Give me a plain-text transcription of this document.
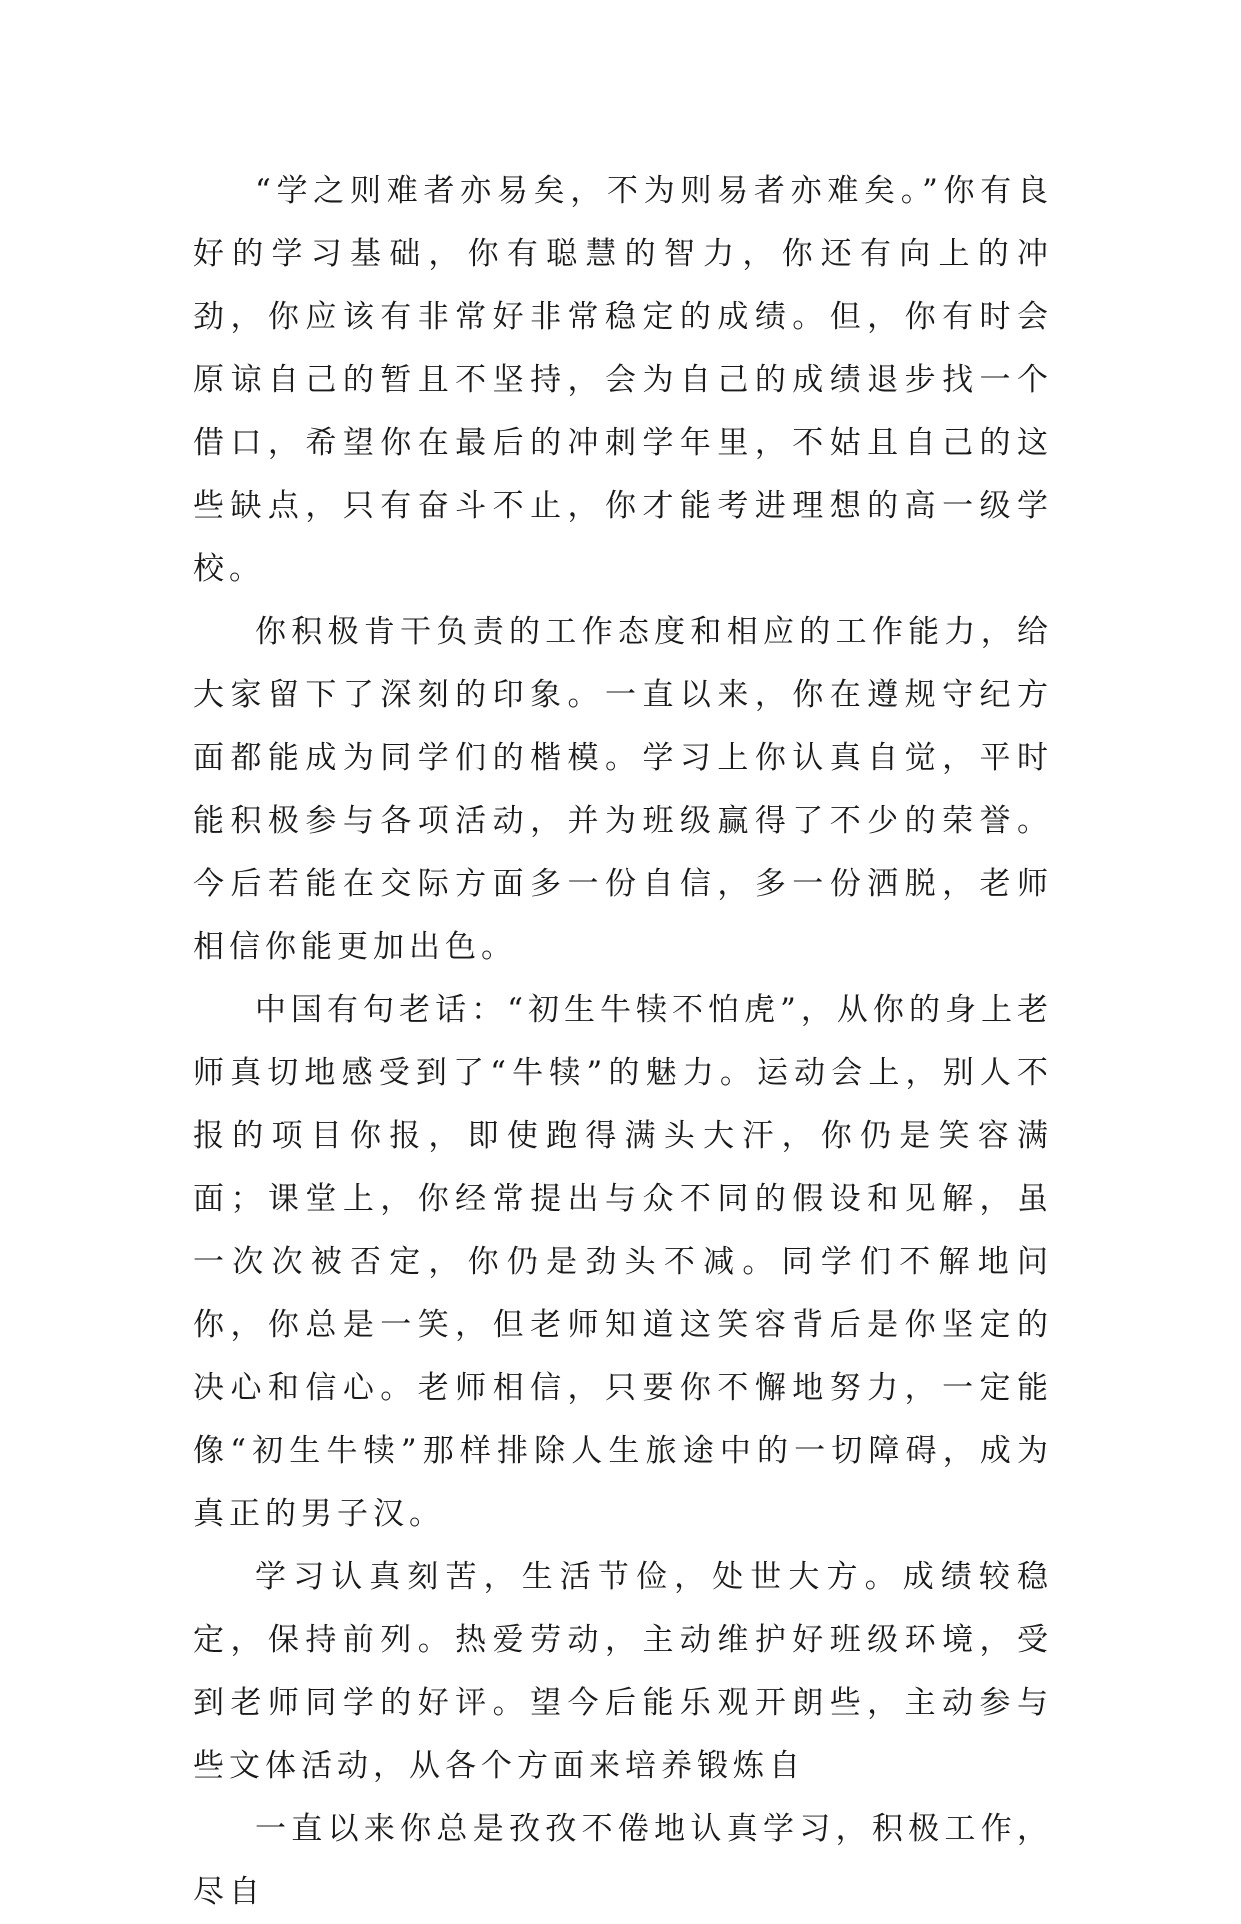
“学之则难者亦易矣，不为则易者亦难矣。”你有良好的学习基础，你有聪慧的智力，你还有向上的冲劲，你应该有非常好非常稳定的成绩。但，你有时会原谅自己的暂且不坚持，会为自己的成绩退步找一个借口，希望你在最后的冲刺学年里，不姑且自己的这些缺点，只有奋斗不止，你才能考进理想的高一级学校。

你积极肯干负责的工作态度和相应的工作能力，给大家留下了深刻的印象。一直以来，你在遵规守纪方面都能成为同学们的楷模。学习上你认真自觉，平时能积极参与各项活动，并为班级赢得了不少的荣誉。今后若能在交际方面多一份自信，多一份洒脱，老师相信你能更加出色。

中国有句老话：“初生牛犊不怕虎”，从你的身上老师真切地感受到了“牛犊”的魅力。运动会上，别人不报的项目你报，即使跑得满头大汗，你仍是笑容满面；课堂上，你经常提出与众不同的假设和见解，虽一次次被否定，你仍是劲头不减。同学们不解地问你，你总是一笑，但老师知道这笑容背后是你坚定的决心和信心。老师相信，只要你不懈地努力，一定能像“初生牛犊”那样排除人生旅途中的一切障碍，成为真正的男子汉。

学习认真刻苦，生活节俭，处世大方。成绩较稳定，保持前列。热爱劳动，主动维护好班级环境，受到老师同学的好评。望今后能乐观开朗些，主动参与些文体活动，从各个方面来培养锻炼自

一直以来你总是孜孜不倦地认真学习，积极工作，尽自
